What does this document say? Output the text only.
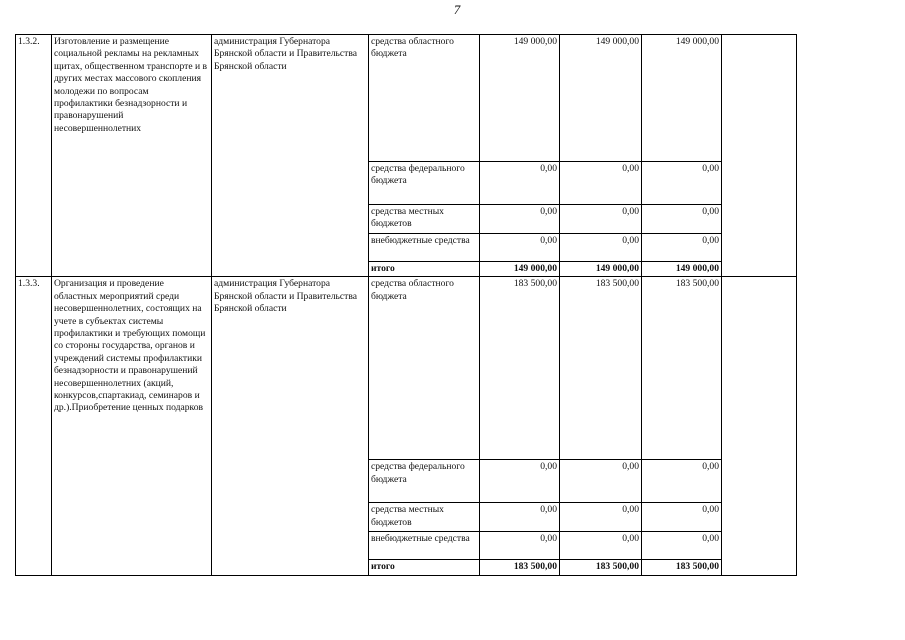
7
1.3.2.	Изготовление и размещение социальной рекламы на рекламных щитах, общественном транспорте и в других местах массового скопления молодежи по вопросам профилактики безнадзорности и правонарушений несовершеннолетних	администрация Губернатора Брянской области и Правительства Брянской области	средства областного бюджета	149 000,00	149 000,00	149 000,00	
			средства федерального бюджета	0,00	0,00	0,00	
			средства местных бюджетов	0,00	0,00	0,00	
			внебюджетные средства	0,00	0,00	0,00	
			итого	149 000,00	149 000,00	149 000,00	
1.3.3.	Организация и проведение областных мероприятий среди несовершеннолетних, состоящих на учете в субъектах системы профилактики и требующих помощи со стороны государства, органов и учреждений системы профилактики безнадзорности и правонарушений несовершеннолетних (акций, конкурсов,спартакиад, семинаров и др.).Приобретение ценных подарков	администрация Губернатора Брянской области и Правительства Брянской области	средства областного бюджета	183 500,00	183 500,00	183 500,00	
			средства федерального бюджета	0,00	0,00	0,00	
			средства местных бюджетов	0,00	0,00	0,00	
			внебюджетные средства	0,00	0,00	0,00	
			итого	183 500,00	183 500,00	183 500,00	
